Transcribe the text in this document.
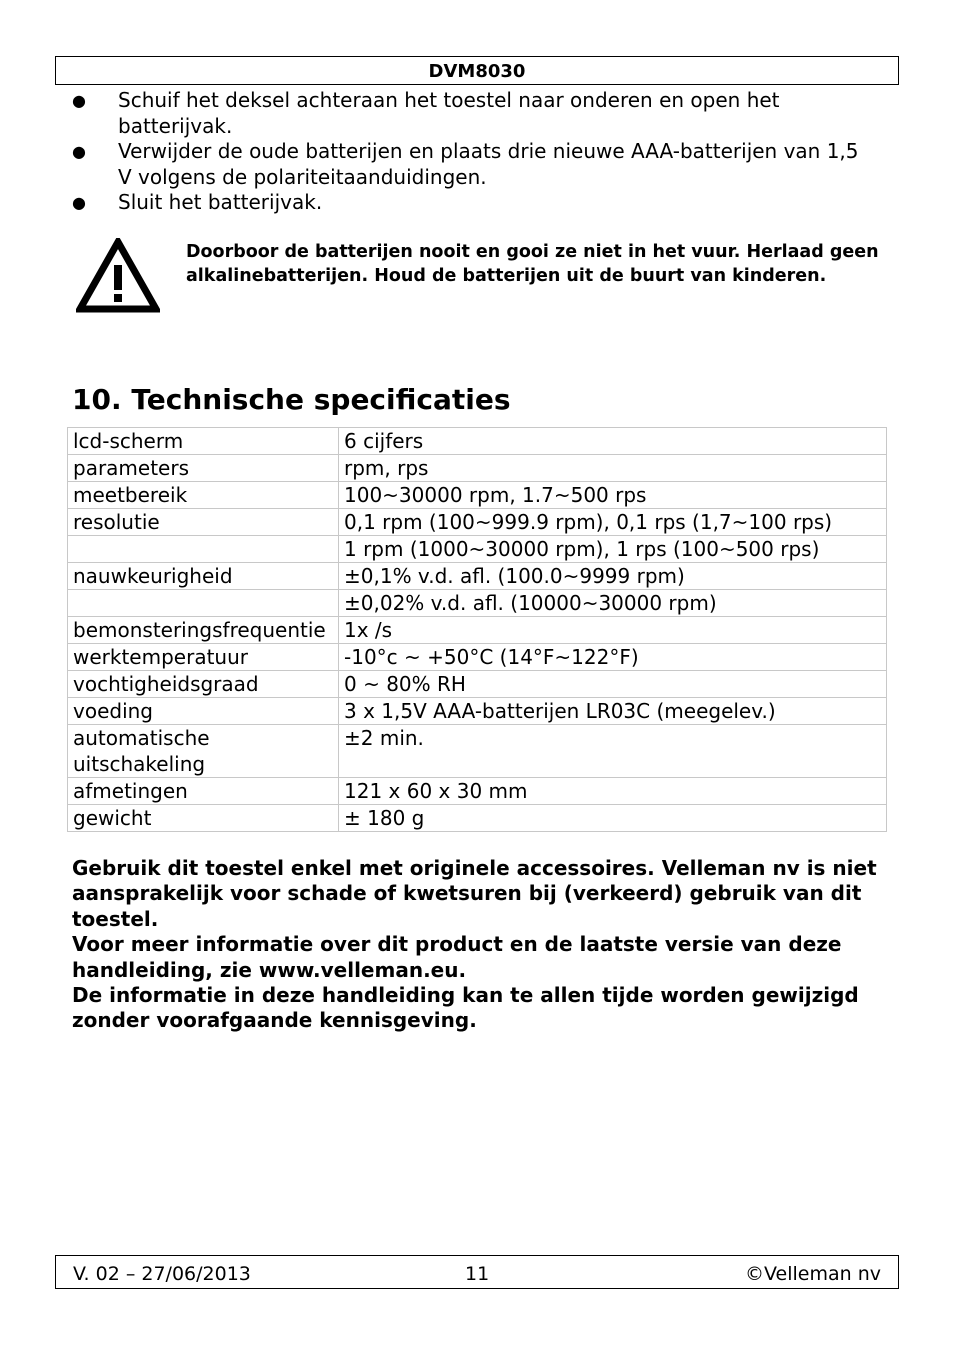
DVM8030
● Schuif het deksel achteraan het toestel naar onderen en open het batterijvak.
● Verwijder de oude batterijen en plaats drie nieuwe AAA-batterijen van 1,5 V volgens de polariteitaanduidingen.
● Sluit het batterijvak.
Doorboor de batterijen nooit en gooi ze niet in het vuur. Herlaad geen alkalinebatterijen. Houd de batterijen uit de buurt van kinderen.
10. Technische specificaties
lcd-scherm	6 cijfers
parameters	rpm, rps
meetbereik	100~30000 rpm, 1.7~500 rps
resolutie	0,1 rpm (100~999.9 rpm), 0,1 rps (1,7~100 rps)
	1 rpm (1000~30000 rpm), 1 rps (100~500 rps)
nauwkeurigheid	±0,1% v.d. afl. (100.0~9999 rpm)
	±0,02% v.d. afl. (10000~30000 rpm)
bemonsteringsfrequentie	1x /s
werktemperatuur	-10°c ~ +50°C (14°F~122°F)
vochtigheidsgraad	0 ~ 80% RH
voeding	3 x 1,5V AAA-batterijen LR03C (meegelev.)
automatische uitschakeling	±2 min.
afmetingen	121 x 60 x 30 mm
gewicht	± 180 g

Gebruik dit toestel enkel met originele accessoires. Velleman nv is niet aansprakelijk voor schade of kwetsuren bij (verkeerd) gebruik van dit toestel.

Voor meer informatie over dit product en de laatste versie van deze handleiding, zie www.velleman.eu.

De informatie in deze handleiding kan te allen tijde worden gewijzigd zonder voorafgaande kennisgeving.

V. 02 – 27/06/2013	11	©Velleman nv
